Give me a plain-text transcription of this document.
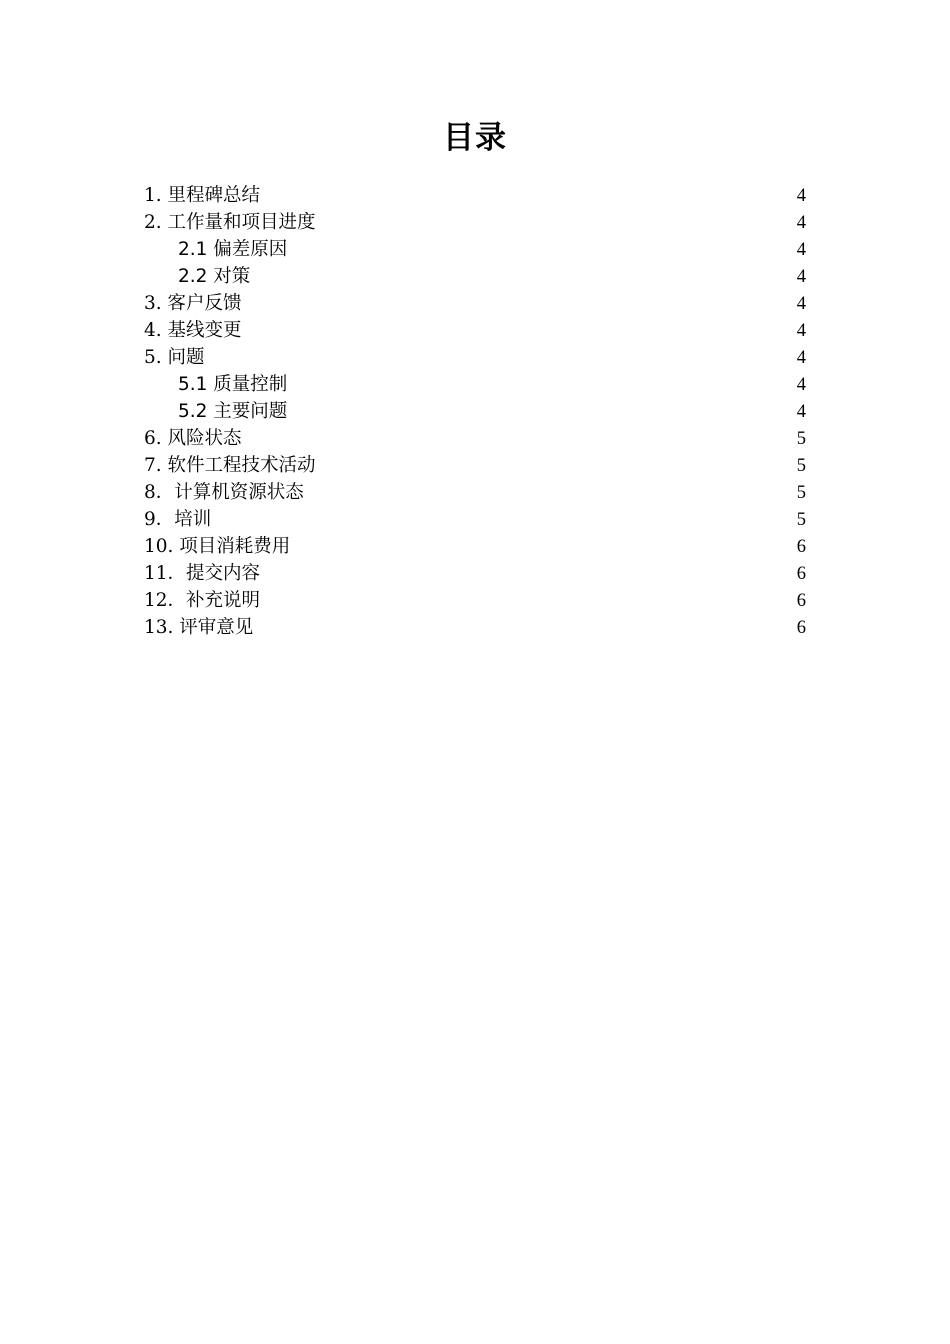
目录
1. 里程碑总结	4
2. 工作量和项目进度	4
2.1 偏差原因	4
2.2 对策	4
3. 客户反馈	4
4. 基线变更	4
5. 问题	4
5.1 质量控制	4
5.2 主要问题	4
6. 风险状态	5
7. 软件工程技术活动	5
8．计算机资源状态	5
9．培训	5
10. 项目消耗费用	6
11．提交内容	6
12．补充说明	6
13. 评审意见	6
